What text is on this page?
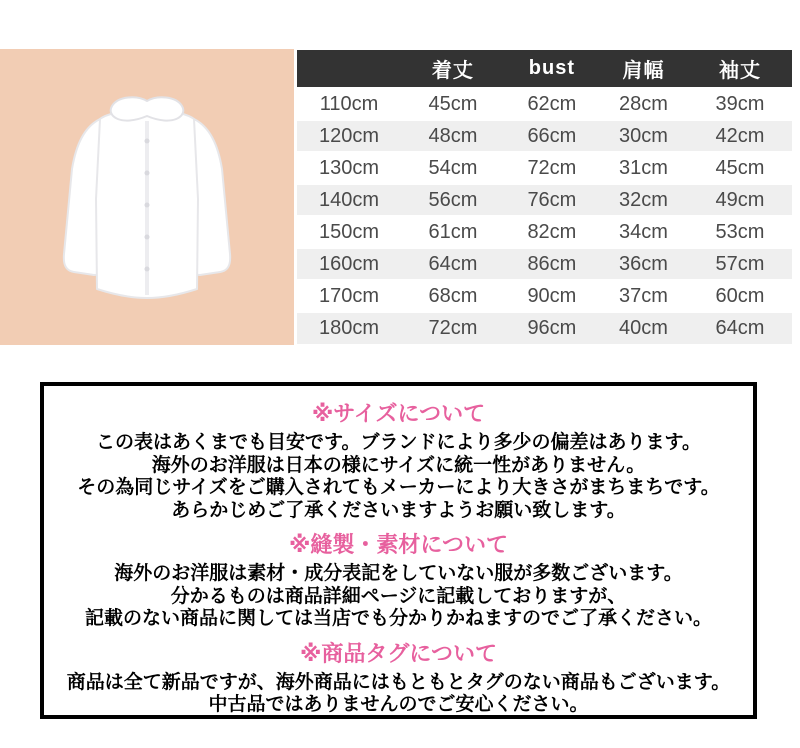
	着丈	bust	肩幅	袖丈
110cm	45cm	62cm	28cm	39cm
120cm	48cm	66cm	30cm	42cm
130cm	54cm	72cm	31cm	45cm
140cm	56cm	76cm	32cm	49cm
150cm	61cm	82cm	34cm	53cm
160cm	64cm	86cm	36cm	57cm
170cm	68cm	90cm	37cm	60cm
180cm	72cm	96cm	40cm	64cm
※サイズについて
この表はあくまでも目安です。ブランドにより多少の偏差はあります。
海外のお洋服は日本の様にサイズに統一性がありません。
その為同じサイズをご購入されてもメーカーにより大きさがまちまちです。
あらかじめご了承くださいますようお願い致します。
※縫製・素材について
海外のお洋服は素材・成分表記をしていない服が多数ございます。
分かるものは商品詳細ページに記載しておりますが、
記載のない商品に関しては当店でも分かりかねますのでご了承ください。
※商品タグについて
商品は全て新品ですが、海外商品にはもともとタグのない商品もございます。
中古品ではありませんのでご安心ください。
